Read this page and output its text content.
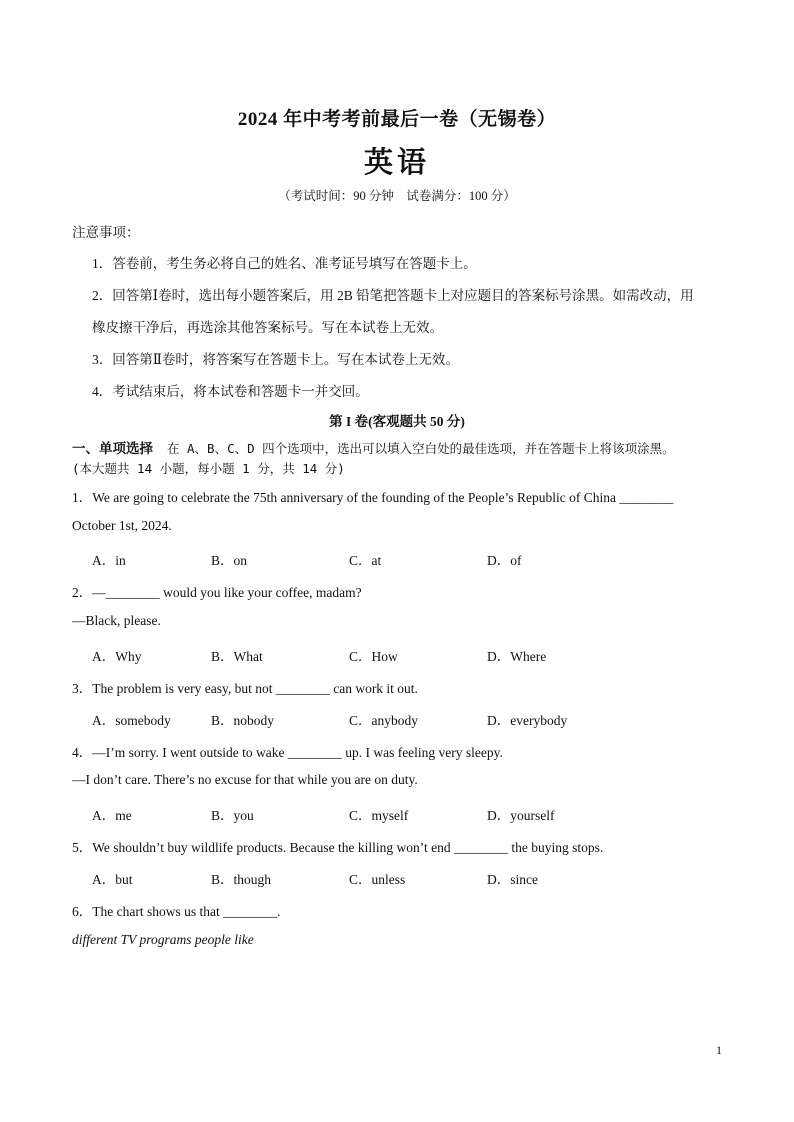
2024 年中考考前最后一卷（无锡卷）
英语
（考试时间：90 分钟　试卷满分：100 分）
注意事项：
1．答卷前，考生务必将自己的姓名、准考证号填写在答题卡上。
2．回答第Ⅰ卷时，选出每小题答案后，用 2B 铅笔把答题卡上对应题目的答案标号涂黑。如需改动，用
橡皮擦干净后，再选涂其他答案标号。写在本试卷上无效。
3．回答第Ⅱ卷时，将答案写在答题卡上。写在本试卷上无效。
4．考试结束后，将本试卷和答题卡一并交回。
第 I 卷(客观题共 50 分)
一、单项选择 在 A、B、C、D 四个选项中，选出可以填入空白处的最佳选项，并在答题卡上将该项涂黑。
(本大题共 14 小题，每小题 1 分，共 14 分)
1．We are going to celebrate the 75th anniversary of the founding of the People’s Republic of China ________
October 1st, 2024.
A．in	B．on	C．at	D．of
2．—________ would you like your coffee, madam?
—Black, please.
A．Why	B．What	C．How	D．Where
3．The problem is very easy, but not ________ can work it out.
A．somebody	B．nobody	C．anybody	D．everybody
4．—I’m sorry. I went outside to wake ________ up. I was feeling very sleepy.
—I don’t care. There’s no excuse for that while you are on duty.
A．me	B．you	C．myself	D．yourself
5．We shouldn’t buy wildlife products. Because the killing won’t end ________ the buying stops.
A．but	B．though	C．unless	D．since
6．The chart shows us that ________.
different TV programs people like
1
